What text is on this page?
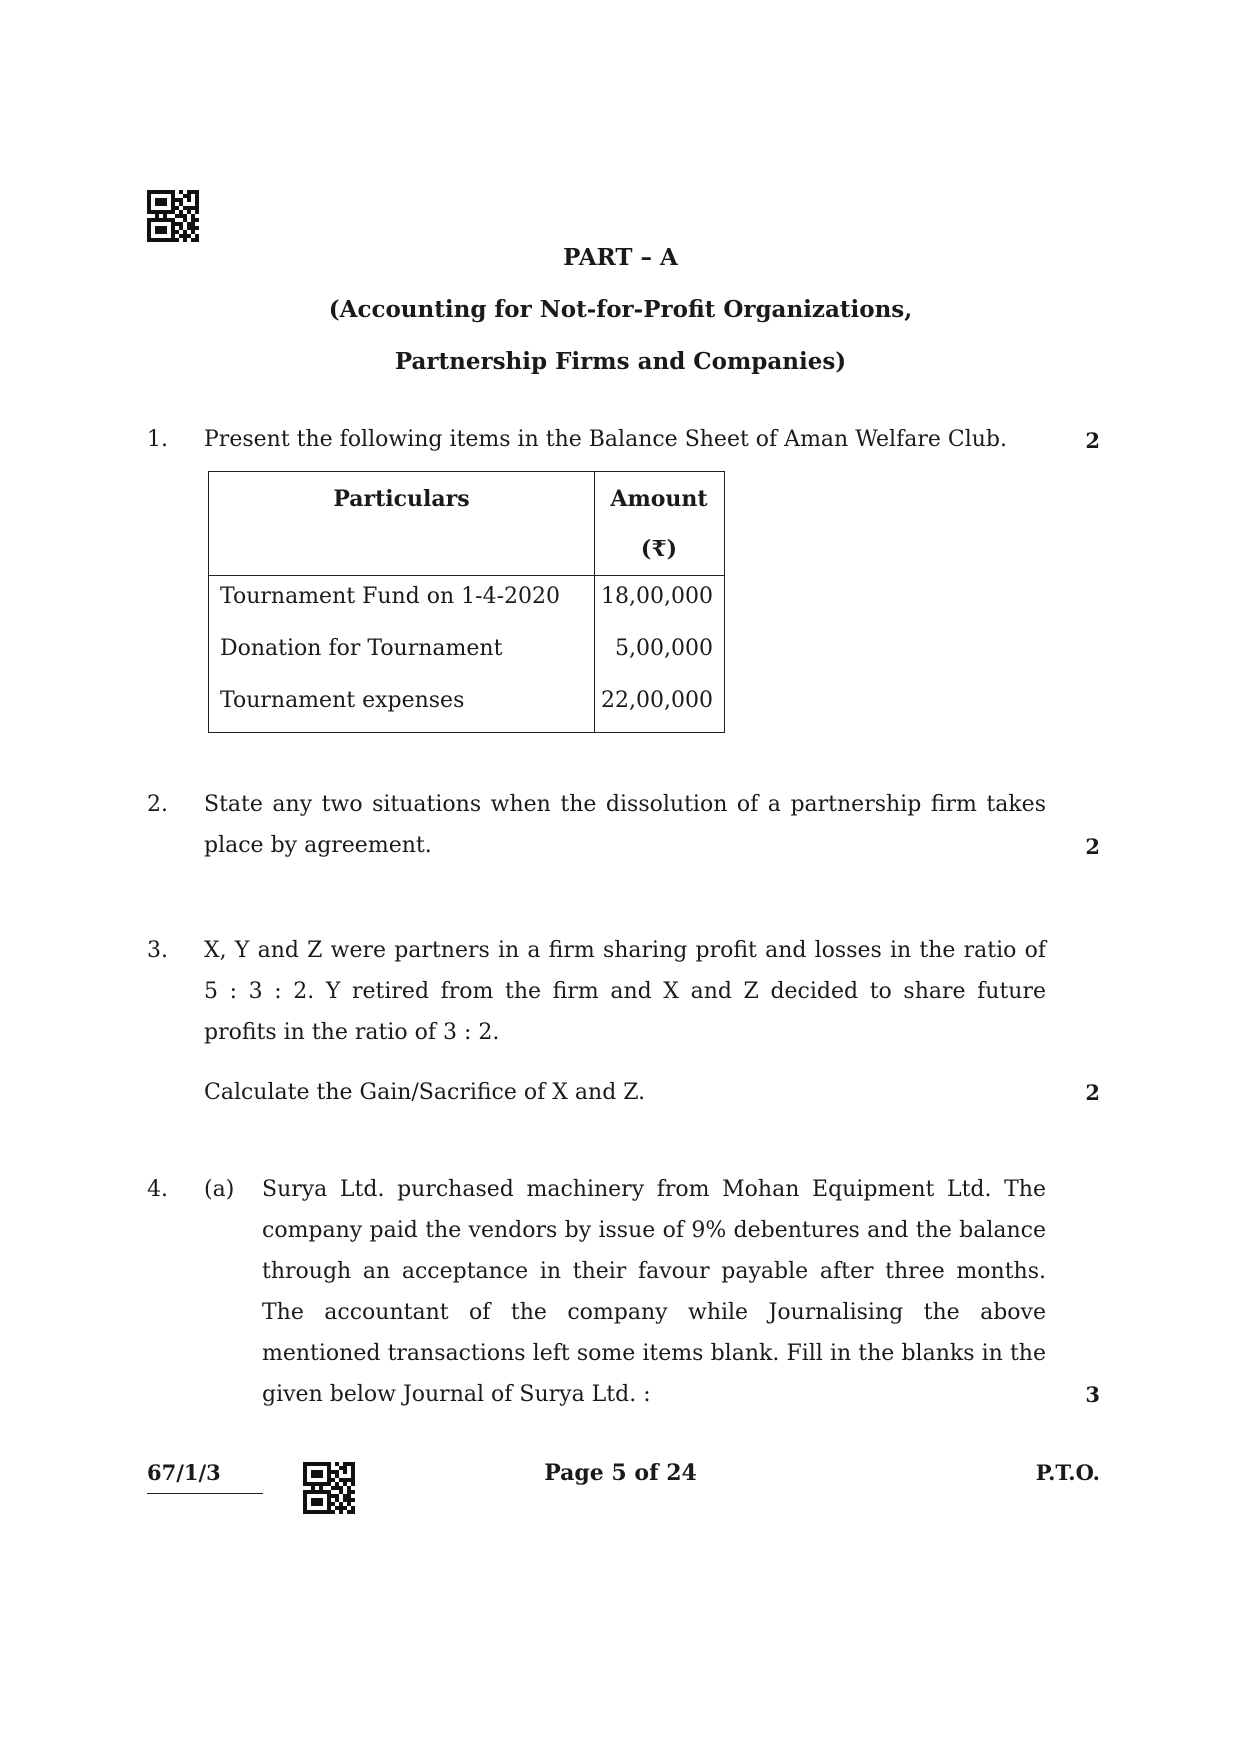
PART – A
(Accounting for Not-for-Profit Organizations,
Partnership Firms and Companies)
1. Present the following items in the Balance Sheet of Aman Welfare Club.	2
Particulars	Amount
(₹)
Tournament Fund on 1-4-2020	18,00,000
Donation for Tournament	5,00,000
Tournament expenses	22,00,000
2. State any two situations when the dissolution of a partnership firm takes place by agreement.	2
3. X, Y and Z were partners in a firm sharing profit and losses in the ratio of 5 : 3 : 2. Y retired from the firm and X and Z decided to share future profits in the ratio of 3 : 2.
Calculate the Gain/Sacrifice of X and Z.	2
4. (a) Surya Ltd. purchased machinery from Mohan Equipment Ltd. The company paid the vendors by issue of 9% debentures and the balance through an acceptance in their favour payable after three months. The accountant of the company while Journalising the above mentioned transactions left some items blank. Fill in the blanks in the given below Journal of Surya Ltd. :	3
67/1/3	Page 5 of 24	P.T.O.
